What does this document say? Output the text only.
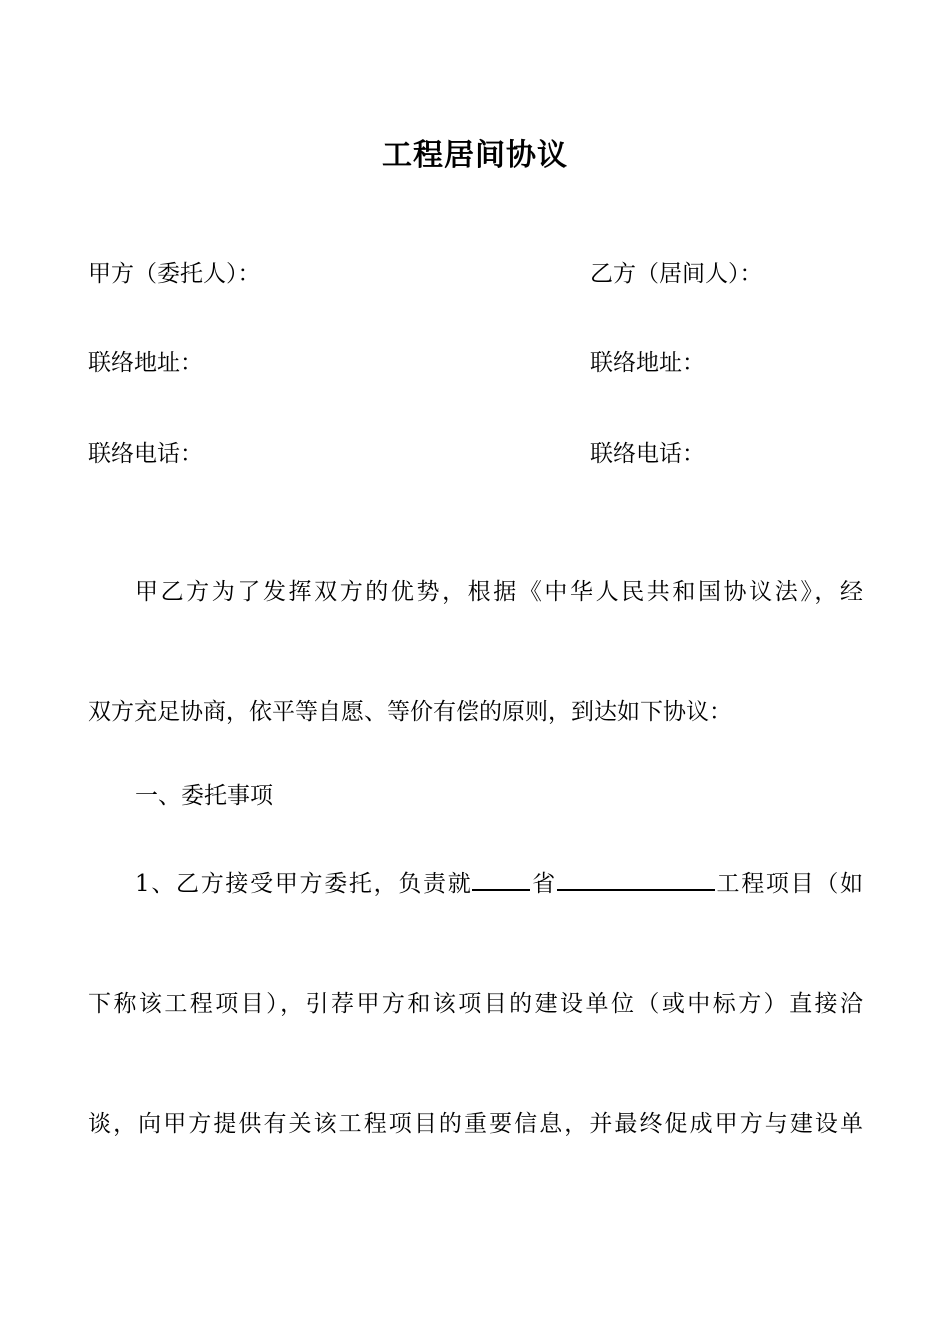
工程居间协议
甲方（委托人）：	乙方（居间人）：
联络地址：	联络地址：
联络电话：	联络电话：
甲乙方为了发挥双方的优势，根据《中华人民共和国协议法》，经
双方充足协商，依平等自愿、等价有偿的原则，到达如下协议：
一、委托事项
1、乙方接受甲方委托，负责就	省	工程项目（如
下称该工程项目），引荐甲方和该项目的建设单位（或中标方）直接洽
谈，向甲方提供有关该工程项目的重要信息，并最终促成甲方与建设单
